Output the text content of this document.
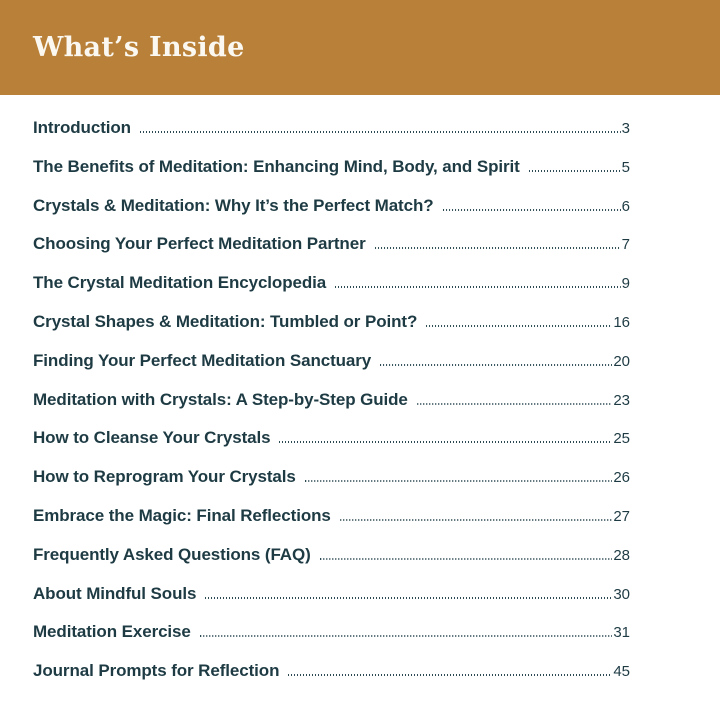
What’s Inside
Introduction	3
The Benefits of Meditation: Enhancing Mind, Body, and Spirit	5
Crystals & Meditation: Why It’s the Perfect Match?	6
Choosing Your Perfect Meditation Partner	7
The Crystal Meditation Encyclopedia	9
Crystal Shapes & Meditation: Tumbled or Point?	16
Finding Your Perfect Meditation Sanctuary	20
Meditation with Crystals: A Step-by-Step Guide	23
How to Cleanse Your Crystals	25
How to Reprogram Your Crystals	26
Embrace the Magic: Final Reflections	27
Frequently Asked Questions (FAQ)	28
About Mindful Souls	30
Meditation Exercise	31
Journal Prompts for Reflection	45
